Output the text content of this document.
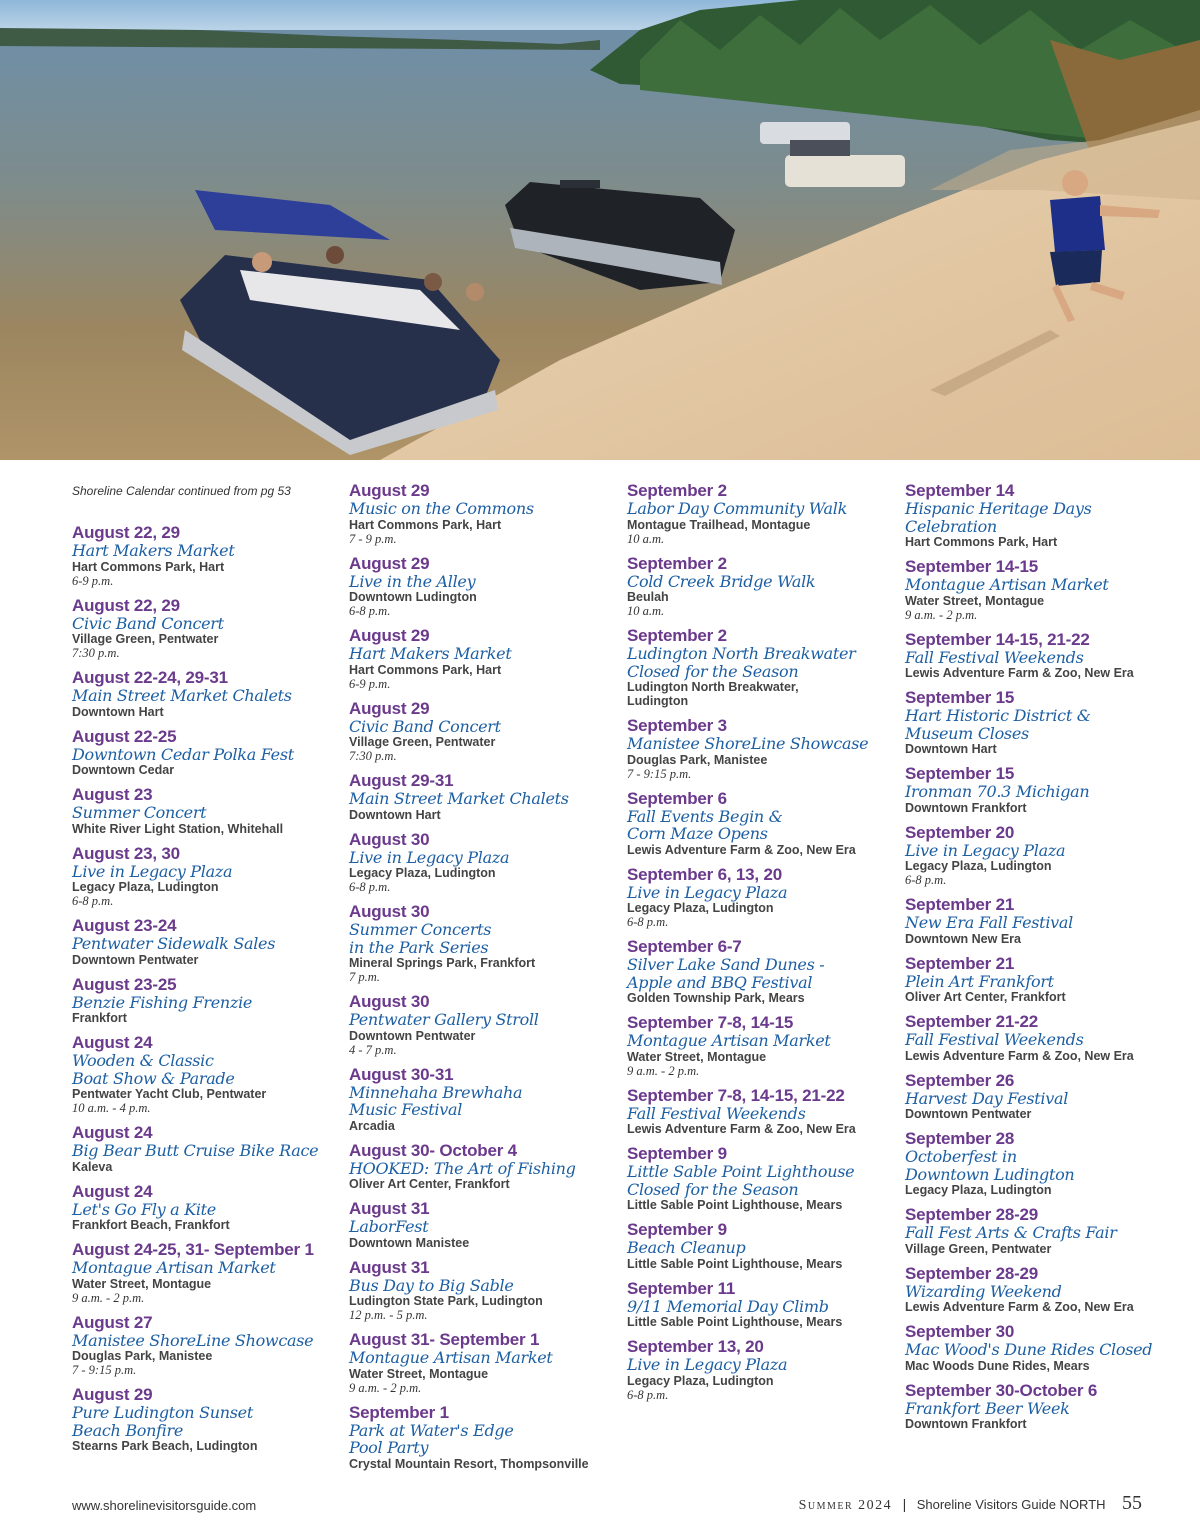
Shoreline Calendar continued from pg 53
August 22, 29
Hart Makers Market
Hart Commons Park, Hart
6-9 p.m.
August 22, 29
Civic Band Concert
Village Green, Pentwater
7:30 p.m.
August 22-24, 29-31
Main Street Market Chalets
Downtown Hart
August 22-25
Downtown Cedar Polka Fest
Downtown Cedar
August 23
Summer Concert
White River Light Station, Whitehall
August 23, 30
Live in Legacy Plaza
Legacy Plaza, Ludington
6-8 p.m.
August 23-24
Pentwater Sidewalk Sales
Downtown Pentwater
August 23-25
Benzie Fishing Frenzie
Frankfort
August 24
Wooden & Classic
Boat Show & Parade
Pentwater Yacht Club, Pentwater
10 a.m. - 4 p.m.
August 24
Big Bear Butt Cruise Bike Race
Kaleva
August 24
Let's Go Fly a Kite
Frankfort Beach, Frankfort
August 24-25, 31- September 1
Montague Artisan Market
Water Street, Montague
9 a.m. - 2 p.m.
August 27
Manistee ShoreLine Showcase
Douglas Park, Manistee
7 - 9:15 p.m.
August 29
Pure Ludington Sunset
Beach Bonfire
Stearns Park Beach, Ludington
August 29
Music on the Commons
Hart Commons Park, Hart
7 - 9 p.m.
August 29
Live in the Alley
Downtown Ludington
6-8 p.m.
August 29
Hart Makers Market
Hart Commons Park, Hart
6-9 p.m.
August 29
Civic Band Concert
Village Green, Pentwater
7:30 p.m.
August 29-31
Main Street Market Chalets
Downtown Hart
August 30
Live in Legacy Plaza
Legacy Plaza, Ludington
6-8 p.m.
August 30
Summer Concerts
in the Park Series
Mineral Springs Park, Frankfort
7 p.m.
August 30
Pentwater Gallery Stroll
Downtown Pentwater
4 - 7 p.m.
August 30-31
Minnehaha Brewhaha
Music Festival
Arcadia
August 30- October 4
HOOKED: The Art of Fishing
Oliver Art Center, Frankfort
August 31
LaborFest
Downtown Manistee
August 31
Bus Day to Big Sable
Ludington State Park, Ludington
12 p.m. - 5 p.m.
August 31- September 1
Montague Artisan Market
Water Street, Montague
9 a.m. - 2 p.m.
September 1
Park at Water's Edge
Pool Party
Crystal Mountain Resort, Thompsonville
September 2
Labor Day Community Walk
Montague Trailhead, Montague
10 a.m.
September 2
Cold Creek Bridge Walk
Beulah
10 a.m.
September 2
Ludington North Breakwater
Closed for the Season
Ludington North Breakwater,
Ludington
September 3
Manistee ShoreLine Showcase
Douglas Park, Manistee
7 - 9:15 p.m.
September 6
Fall Events Begin &
Corn Maze Opens
Lewis Adventure Farm & Zoo, New Era
September 6, 13, 20
Live in Legacy Plaza
Legacy Plaza, Ludington
6-8 p.m.
September 6-7
Silver Lake Sand Dunes -
Apple and BBQ Festival
Golden Township Park, Mears
September 7-8, 14-15
Montague Artisan Market
Water Street, Montague
9 a.m. - 2 p.m.
September 7-8, 14-15, 21-22
Fall Festival Weekends
Lewis Adventure Farm & Zoo, New Era
September 9
Little Sable Point Lighthouse
Closed for the Season
Little Sable Point Lighthouse, Mears
September 9
Beach Cleanup
Little Sable Point Lighthouse, Mears
September 11
9/11 Memorial Day Climb
Little Sable Point Lighthouse, Mears
September 13, 20
Live in Legacy Plaza
Legacy Plaza, Ludington
6-8 p.m.
September 14
Hispanic Heritage Days
Celebration
Hart Commons Park, Hart
September 14-15
Montague Artisan Market
Water Street, Montague
9 a.m. - 2 p.m.
September 14-15, 21-22
Fall Festival Weekends
Lewis Adventure Farm & Zoo, New Era
September 15
Hart Historic District &
Museum Closes
Downtown Hart
September 15
Ironman 70.3 Michigan
Downtown Frankfort
September 20
Live in Legacy Plaza
Legacy Plaza, Ludington
6-8 p.m.
September 21
New Era Fall Festival
Downtown New Era
September 21
Plein Art Frankfort
Oliver Art Center, Frankfort
September 21-22
Fall Festival Weekends
Lewis Adventure Farm & Zoo, New Era
September 26
Harvest Day Festival
Downtown Pentwater
September 28
Octoberfest in
Downtown Ludington
Legacy Plaza, Ludington
September 28-29
Fall Fest Arts & Crafts Fair
Village Green, Pentwater
September 28-29
Wizarding Weekend
Lewis Adventure Farm & Zoo, New Era
September 30
Mac Wood's Dune Rides Closed
Mac Woods Dune Rides, Mears
September 30-October 6
Frankfort Beer Week
Downtown Frankfort
www.shorelinevisitorsguide.com	Summer 2024 | Shoreline Visitors Guide NORTH 55
